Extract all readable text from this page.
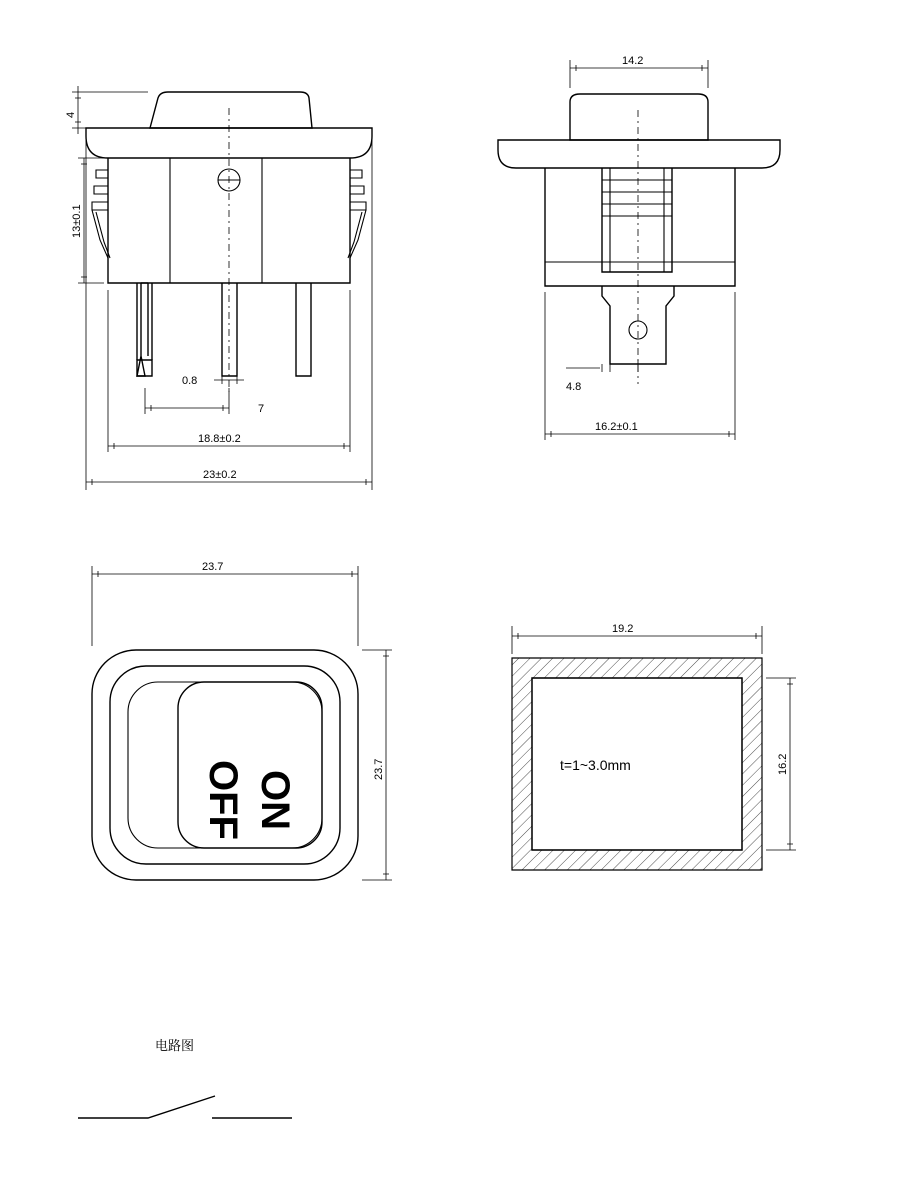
4
13±0.1
0.8
7
18.8±0.2
23±0.2
14.2
4.8
16.2±0.1
ON
OFF
23.7
23.7	t=1~3.0mm
19.2
16.2
电路图
